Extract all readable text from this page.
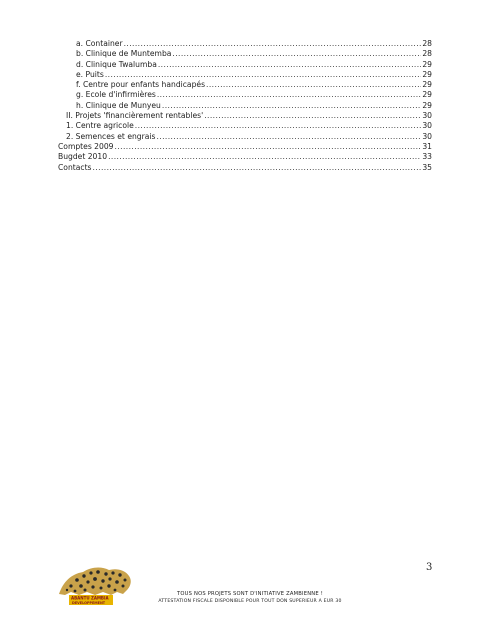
a. Container .....	28
b. Clinique de Muntemba .....	28
d. Clinique Twalumba .....	29
e. Puits .....	29
f. Centre pour enfants handicapés .....	29
g. Ecole d'infirmières .....	29
h. Clinique de Munyeu .....	29
II. Projets 'financièrement rentables' .....	30
1. Centre agricole .....	30
2. Semences et engrais .....	30
Comptes 2009 .....	31
Bugdet 2010 .....	33
Contacts .....	35
3
ABANTU ZAMBIA
DEVELOPPEMENT
TOUS NOS PROJETS SONT D'INITIATIVE ZAMBIENNE !
ATTESTATION FISCALE DISPONIBLE POUR TOUT DON SUPERIEUR A EUR 30
